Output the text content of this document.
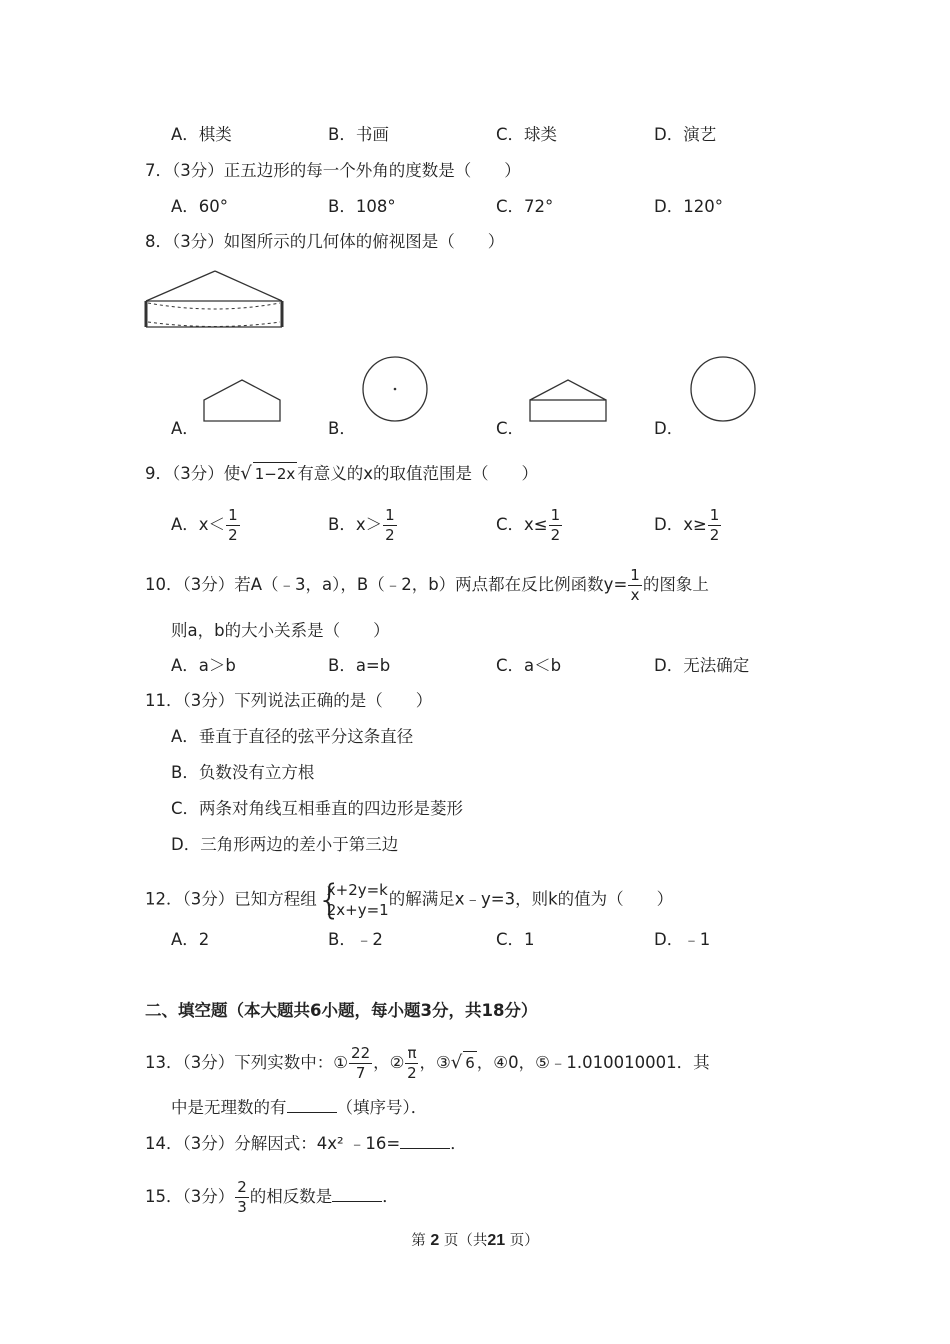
A．棋类	B．书画	C．球类	D．演艺
7．（3分）正五边形的每一个外角的度数是（　　）
A．60°	B．108°	C．72°	D．120°
8．（3分）如图所示的几何体的俯视图是（　　）
A．	B．	C．	D．
9．（3分）使√ 1−2x 有意义的x的取值范围是（　　）
A．$x< \frac{1}{2}$	B．$x> \frac{1}{2}$	C．$x\le \frac{1}{2}$	D．$x\ge \frac{1}{2}$
10．（3分）若A（﹣3，a），B（﹣2，b）两点都在反比例函数$y= \frac{1}{x}$ 的图象上
则a，b的大小关系是（　　）
A．a＞b	B．a=b	C．a＜b	D．无法确定
11．（3分）下列说法正确的是（　　）
A．垂直于直径的弦平分这条直径
B．负数没有立方根
C．两条对角线互相垂直的四边形是菱形
D．三角形两边的差小于第三边
12．（3分）已知方程组 {
x+2y=k
2x+y=1
的解满足x﹣y=3，则k的值为（　　）
A．2	B．﹣2	C．1	D．﹣1
二、填空题（本大题共6小题，每小题3分，共18分）
13．（3分）下列实数中：① $\frac{22}{7}$ ，② $\frac{\pi}{2}$ ，③√ 6 ，④0，⑤﹣1.010010001．其
中是无理数的有	（填序号）．
14．（3分）分解因式：4x² ﹣16=	．
15．（3分） $\frac{2}{3}$ 的相反数是	．
第 2 页（共21 页）
